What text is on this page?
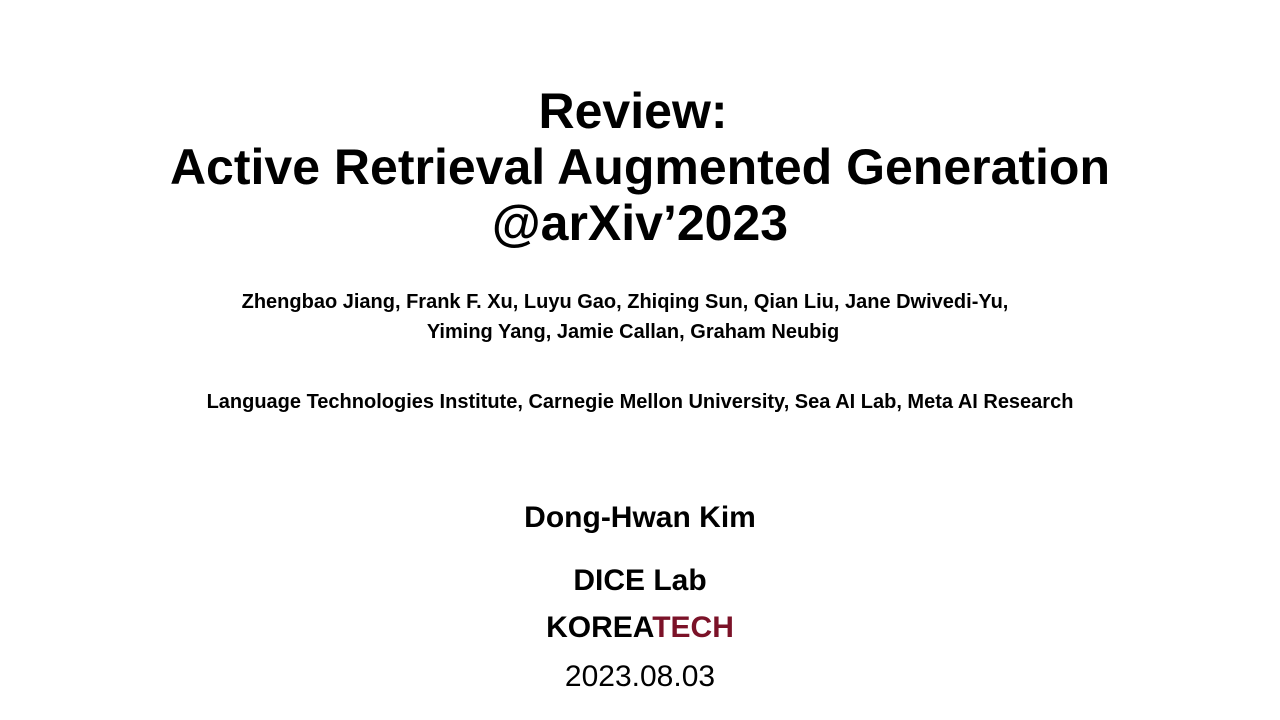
Review:
Active Retrieval Augmented Generation
@arXiv’2023
Zhengbao Jiang, Frank F. Xu, Luyu Gao, Zhiqing Sun, Qian Liu, Jane Dwivedi-Yu,
Yiming Yang, Jamie Callan, Graham Neubig
Language Technologies Institute, Carnegie Mellon University, Sea AI Lab, Meta AI Research
Dong-Hwan Kim
DICE Lab
KOREATECH
2023.08.03
